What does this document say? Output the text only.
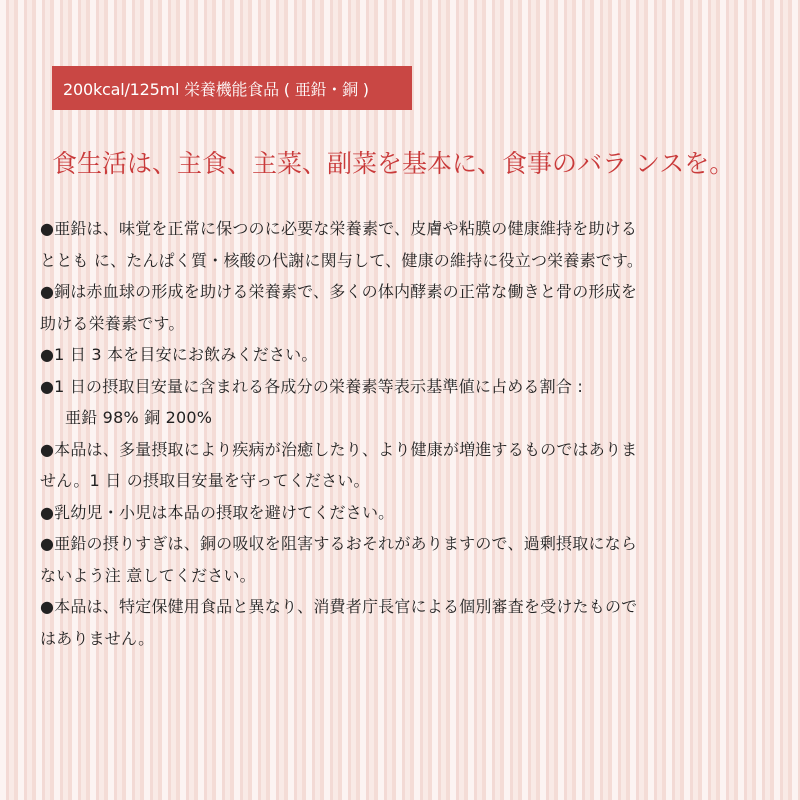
200kcal/125ml 栄養機能食品 ( 亜鉛・銅 )
食生活は、主食、主菜、副菜を基本に、食事のバラ ンスを。
●亜鉛は、味覚を正常に保つのに必要な栄養素で、皮膚や粘膜の健康維持を助ける
ととも に、たんぱく質・核酸の代謝に関与して、健康の維持に役立つ栄養素です。
●銅は赤血球の形成を助ける栄養素で、多くの体内酵素の正常な働きと骨の形成を
助ける栄養素です。
●1 日 3 本を目安にお飲みください。
●1 日の摂取目安量に含まれる各成分の栄養素等表示基準値に占める割合 :
亜鉛 98% 銅 200%
●本品は、多量摂取により疾病が治癒したり、より健康が増進するものではありま
せん。1 日 の摂取目安量を守ってください。
●乳幼児・小児は本品の摂取を避けてください。
●亜鉛の摂りすぎは、銅の吸収を阻害するおそれがありますので、過剰摂取になら
ないよう注 意してください。
●本品は、特定保健用食品と異なり、消費者庁長官による個別審査を受けたもので
はありません。
